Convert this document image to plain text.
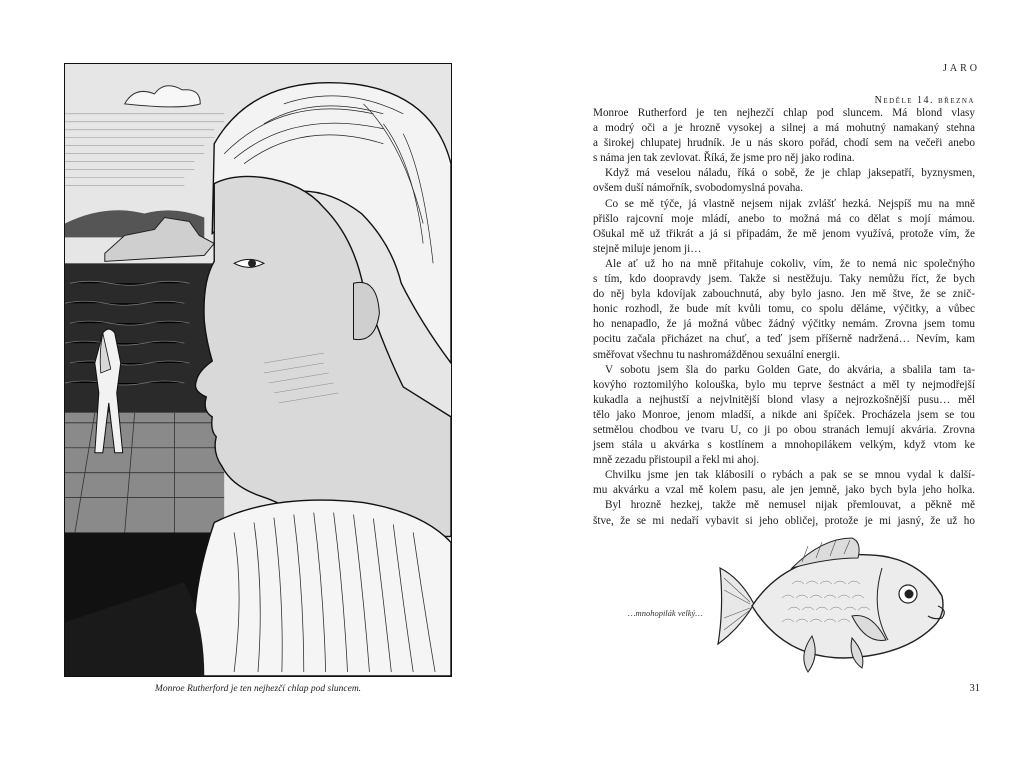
Monroe Rutherford je ten nejhezčí chlap pod sluncem.
JARO
Neděle 14. března
Monroe Rutherford je ten nejhezčí chlap pod sluncem. Má blond vlasy
a modrý oči a je hrozně vysokej a silnej a má mohutný namakaný stehna
a širokej chlupatej hrudník. Je u nás skoro pořád, chodí sem na večeři anebo
s náma jen tak zevlovat. Říká, že jsme pro něj jako rodina.
Když má veselou náladu, říká o sobě, že je chlap jaksepatří, byznysmen,
ovšem duší námořník, svobodomyslná povaha.
Co se mě týče, já vlastně nejsem nijak zvlášť hezká. Nejspíš mu na mně
přišlo rajcovní moje mládí, anebo to možná má co dělat s mojí mámou.
Ošukal mě už třikrát a já si připadám, že mě jenom využívá, protože vím, že
stejně miluje jenom ji…
Ale ať už ho na mně přitahuje cokoliv, vím, že to nemá nic společnýho
s tím, kdo doopravdy jsem. Takže si nestěžuju. Taky nemůžu říct, že bych
do něj byla kdovíjak zabouchnutá, aby bylo jasno. Jen mě štve, že se znič-
honic rozhodl, že bude mít kvůli tomu, co spolu děláme, výčitky, a vůbec
ho nenapadlo, že já možná vůbec žádný výčitky nemám. Zrovna jsem tomu
pocitu začala přicházet na chuť, a teď jsem příšerně nadržená… Nevím, kam
směřovat všechnu tu nashromážděnou sexuální energii.
V sobotu jsem šla do parku Golden Gate, do akvária, a sbalila tam ta-
kovýho roztomilýho kolouška, bylo mu teprve šestnáct a měl ty nejmodřejší
kukadla a nejhustší a nejvlnitější blond vlasy a nejrozkošnější pusu… měl
tělo jako Monroe, jenom mladší, a nikde ani špíček. Procházela jsem se tou
setmělou chodbou ve tvaru U, co ji po obou stranách lemují akvária. Zrovna
jsem stála u akvárka s kostlínem a mnohopilákem velkým, když vtom ke
mně zezadu přistoupil a řekl mi ahoj.
Chvilku jsme jen tak klábosili o rybách a pak se se mnou vydal k další-
mu akvárku a vzal mě kolem pasu, ale jen jemně, jako bych byla jeho holka.
Byl hrozně hezkej, takže mě nemusel nijak přemlouvat, a pěkně mě
štve, že se mi nedaří vybavit si jeho obličej, protože je mi jasný, že už ho
…mnohopilák velký…
31
